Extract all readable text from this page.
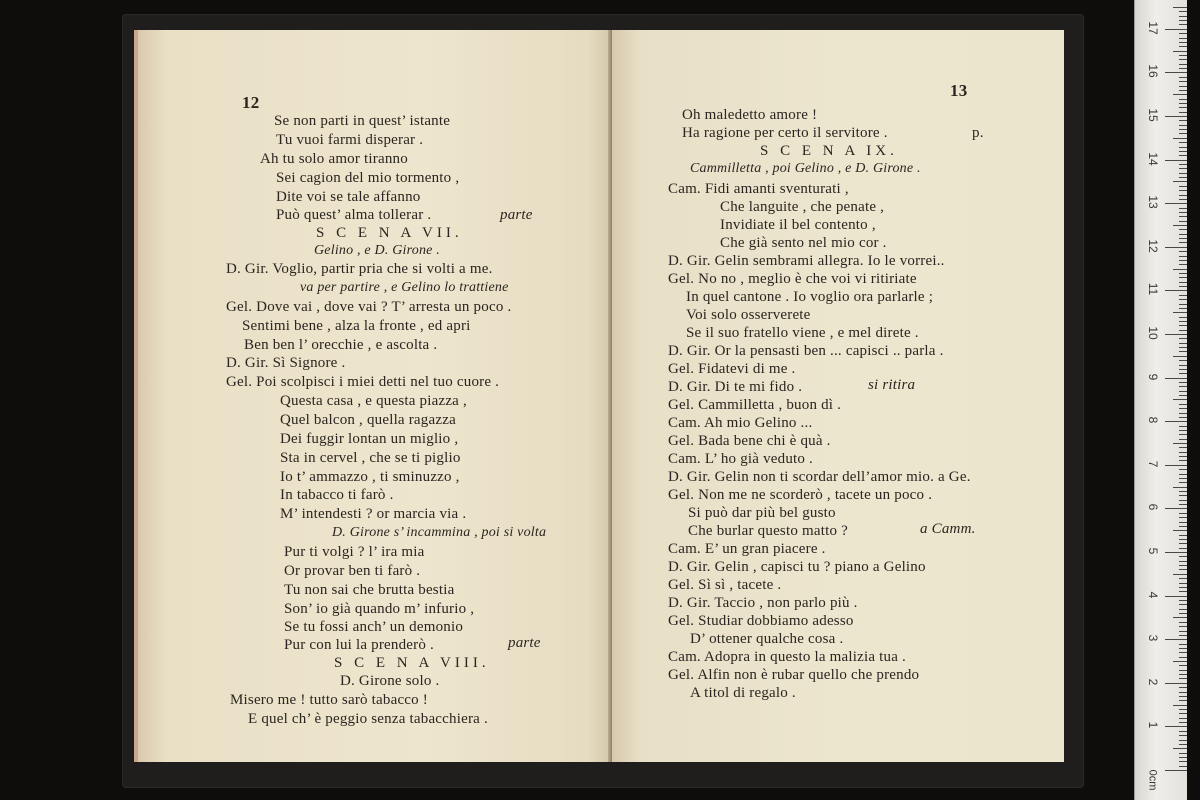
12
Se non parti in quest’ istante
Tu vuoi farmi disperar .
Ah tu solo amor tiranno
Sei cagion del mio tormento ,
Dite voi se tale affanno
Può quest’ alma tollerar .	parte
S C E N A VII.
Gelino , e D. Girone .
D. Gir. Voglio, partir pria che si volti a me.
va per partire , e Gelino lo trattiene
Gel. Dove vai , dove vai ? T’ arresta un poco .
Sentimi bene , alza la fronte , ed apri
Ben ben l’ orecchie , e ascolta .
D. Gir. Sì Signore .
Gel. Poi scolpisci i miei detti nel tuo cuore .
Questa casa , e questa piazza ,
Quel balcon , quella ragazza
Dei fuggir lontan un miglio ,
Sta in cervel , che se ti piglio
Io t’ ammazzo , ti sminuzzo ,
In tabacco ti farò .
M’ intendesti ? or marcia via .
D. Girone s’ incammina , poi si volta
Pur ti volgi ? l’ ira mia
Or provar ben ti farò .
Tu non sai che brutta bestia
Son’ io già quando m’ infurio ,
Se tu fossi anch’ un demonio
Pur con lui la prenderò .	parte
S C E N A VIII.
D. Girone solo .
Misero me ! tutto sarò tabacco !
E quel ch’ è peggio senza tabacchiera .
13
Oh maledetto amore !
Ha ragione per certo il servitore .	p.
S C E N A IX.
Cammilletta , poi Gelino , e D. Girone .
Cam. Fidi amanti sventurati ,
Che languite , che penate ,
Invidiate il bel contento ,
Che già sento nel mio cor .
D. Gir. Gelin sembrami allegra. Io le vorrei..
Gel. No no , meglio è che voi vi ritiriate
In quel cantone . Io voglio ora parlarle ;
Voi solo osserverete
Se il suo fratello viene , e mel direte .
D. Gir. Or la pensasti ben ... capisci .. parla .
Gel. Fidatevi di me .
D. Gir. Di te mi fido .	si ritira
Gel. Cammilletta , buon dì .
Cam. Ah mio Gelino ...
Gel. Bada bene chi è quà .
Cam. L’ ho già veduto .
D. Gir. Gelin non ti scordar dell’amor mio. a Ge.
Gel. Non me ne scorderò , tacete un poco .
Si può dar più bel gusto
Che burlar questo matto ?	a Camm.
Cam. E’ un gran piacere .
D. Gir. Gelin , capisci tu ? piano a Gelino
Gel. Sì sì , tacete .
D. Gir. Taccio , non parlo più .
Gel. Studiar dobbiamo adesso
D’ ottener qualche cosa .
Cam. Adopra in questo la malizia tua .
Gel. Alfin non è rubar quello che prendo
A titol di regalo .
0cm
1
2
3
4
5
6
7
8
9
10
11
12
13
14
15
16
17
